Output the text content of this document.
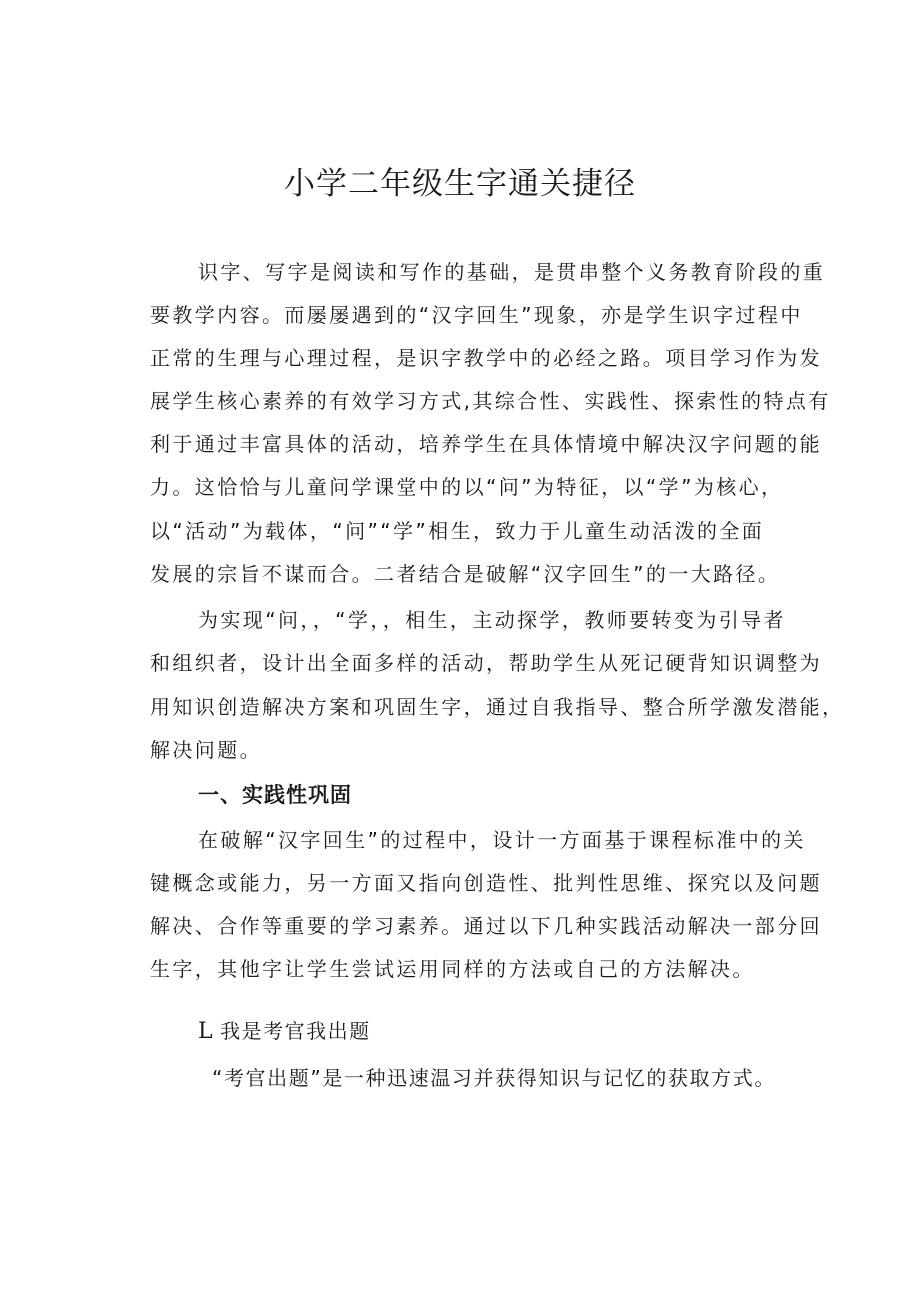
小学二年级生字通关捷径
识字、写字是阅读和写作的基础，是贯串整个义务教育阶段的重
要教学内容。而屡屡遇到的“汉字回生”现象，亦是学生识字过程中
正常的生理与心理过程，是识字教学中的必经之路。项目学习作为发
展学生核心素养的有效学习方式,其综合性、实践性、探索性的特点有
利于通过丰富具体的活动，培养学生在具体情境中解决汉字问题的能
力。这恰恰与儿童问学课堂中的以“问”为特征，以“学”为核心，
以“活动”为载体，“问”“学”相生，致力于儿童生动活泼的全面
发展的宗旨不谋而合。二者结合是破解“汉字回生”的一大路径。
为实现“问，，“学，，相生，主动探学，教师要转变为引导者
和组织者，设计出全面多样的活动，帮助学生从死记硬背知识调整为
用知识创造解决方案和巩固生字，通过自我指导、整合所学激发潜能，
解决问题。
一、实践性巩固
在破解“汉字回生”的过程中，设计一方面基于课程标准中的关
键概念或能力，另一方面又指向创造性、批判性思维、探究以及问题
解决、合作等重要的学习素养。通过以下几种实践活动解决一部分回
生字，其他字让学生尝试运用同样的方法或自己的方法解决。
L 我是考官我出题
“考官出题”是一种迅速温习并获得知识与记忆的获取方式。
